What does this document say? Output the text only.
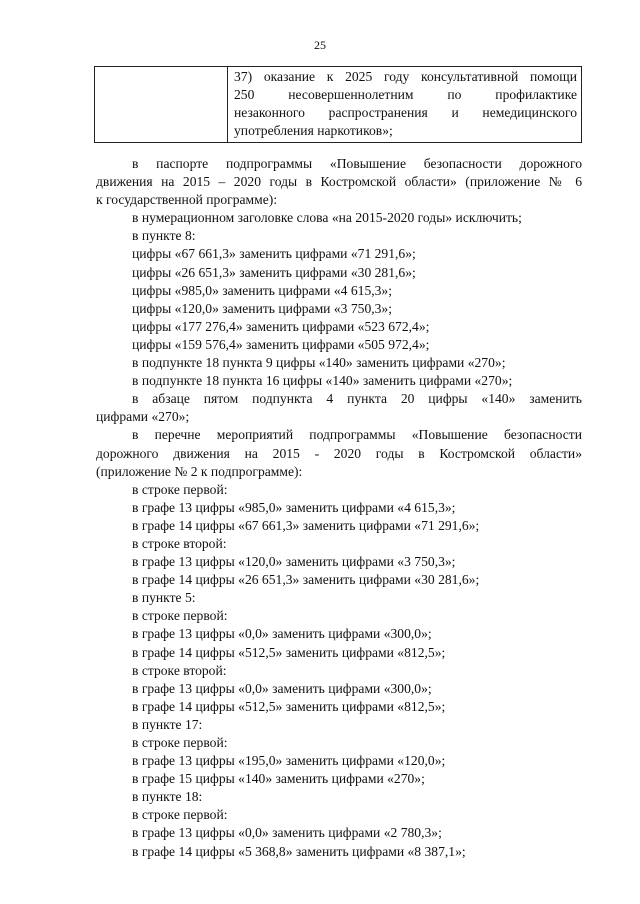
25

37) оказание к 2025 году консультативной помощи
250 несовершеннолетним по профилактике
незаконного распространения и немедицинского
употребления наркотиков»;
в паспорте подпрограммы «Повышение безопасности дорожного
движения на 2015 – 2020 годы в Костромской области» (приложение № 6
к государственной программе):
в нумерационном заголовке слова «на 2015-2020 годы» исключить;
в пункте 8:
цифры «67 661,3» заменить цифрами «71 291,6»;
цифры «26 651,3» заменить цифрами «30 281,6»;
цифры «985,0» заменить цифрами «4 615,3»;
цифры «120,0» заменить цифрами «3 750,3»;
цифры «177 276,4» заменить цифрами «523 672,4»;
цифры «159 576,4» заменить цифрами «505 972,4»;
в подпункте 18 пункта 9 цифры «140» заменить цифрами «270»;
в подпункте 18 пункта 16 цифры «140» заменить цифрами «270»;
в абзаце пятом подпункта 4 пункта 20 цифры «140» заменить
цифрами «270»;
в перечне мероприятий подпрограммы «Повышение безопасности
дорожного движения на 2015 - 2020 годы в Костромской области»
(приложение № 2 к подпрограмме):
в строке первой:
в графе 13 цифры «985,0» заменить цифрами «4 615,3»;
в графе 14 цифры «67 661,3» заменить цифрами «71 291,6»;
в строке второй:
в графе 13 цифры «120,0» заменить цифрами «3 750,3»;
в графе 14 цифры «26 651,3» заменить цифрами «30 281,6»;
в пункте 5:
в строке первой:
в графе 13 цифры «0,0» заменить цифрами «300,0»;
в графе 14 цифры «512,5» заменить цифрами «812,5»;
в строке второй:
в графе 13 цифры «0,0» заменить цифрами «300,0»;
в графе 14 цифры «512,5» заменить цифрами «812,5»;
в пункте 17:
в строке первой:
в графе 13 цифры «195,0» заменить цифрами «120,0»;
в графе 15 цифры «140» заменить цифрами «270»;
в пункте 18:
в строке первой:
в графе 13 цифры «0,0» заменить цифрами «2 780,3»;
в графе 14 цифры «5 368,8» заменить цифрами «8 387,1»;
